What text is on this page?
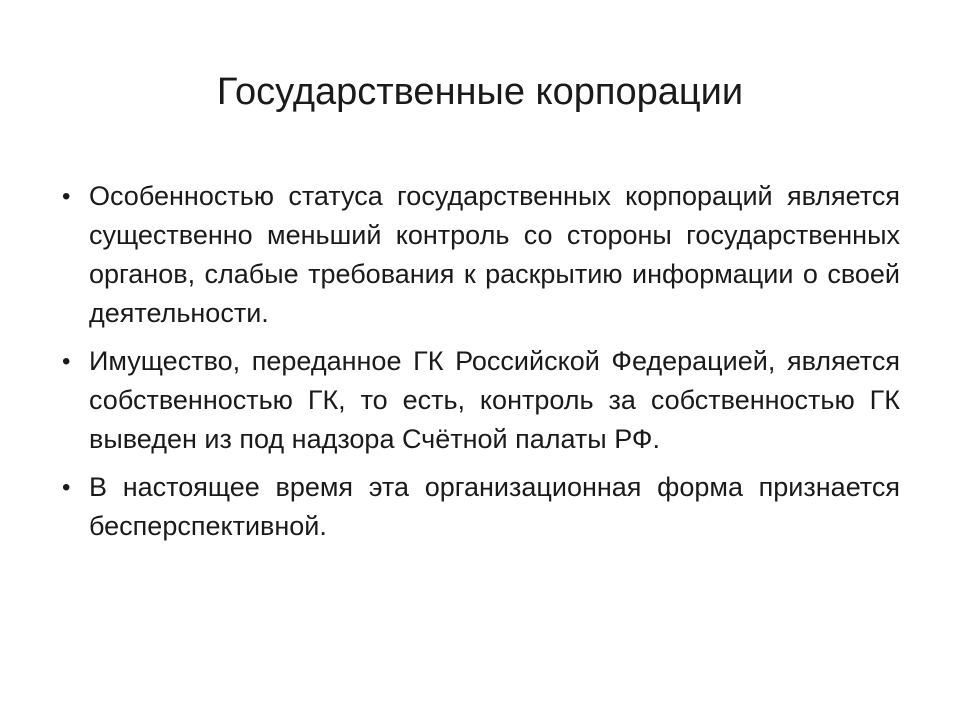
Государственные корпорации
• Особенностью статуса государственных корпораций является существенно меньший контроль со стороны государственных органов, слабые требования к раскрытию информации о своей деятельности.
• Имущество, переданное ГК Российской Федерацией, является собственностью ГК, то есть, контроль за собственностью ГК выведен из под надзора Счётной палаты РФ.
• В настоящее время эта организационная форма признается бесперспективной.
